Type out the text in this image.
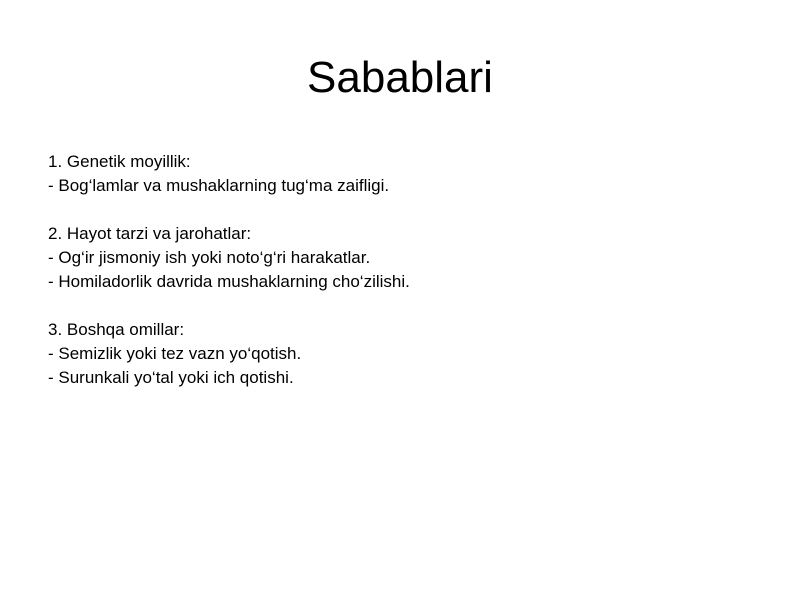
Sabablari

1. Genetik moyillik:

- Bog‘lamlar va mushaklarning tug‘ma zaifligi.

2. Hayot tarzi va jarohatlar:

- Og‘ir jismoniy ish yoki noto‘g‘ri harakatlar.

- Homiladorlik davrida mushaklarning cho‘zilishi.

3. Boshqa omillar:

- Semizlik yoki tez vazn yo‘qotish.

- Surunkali yo‘tal yoki ich qotishi.
